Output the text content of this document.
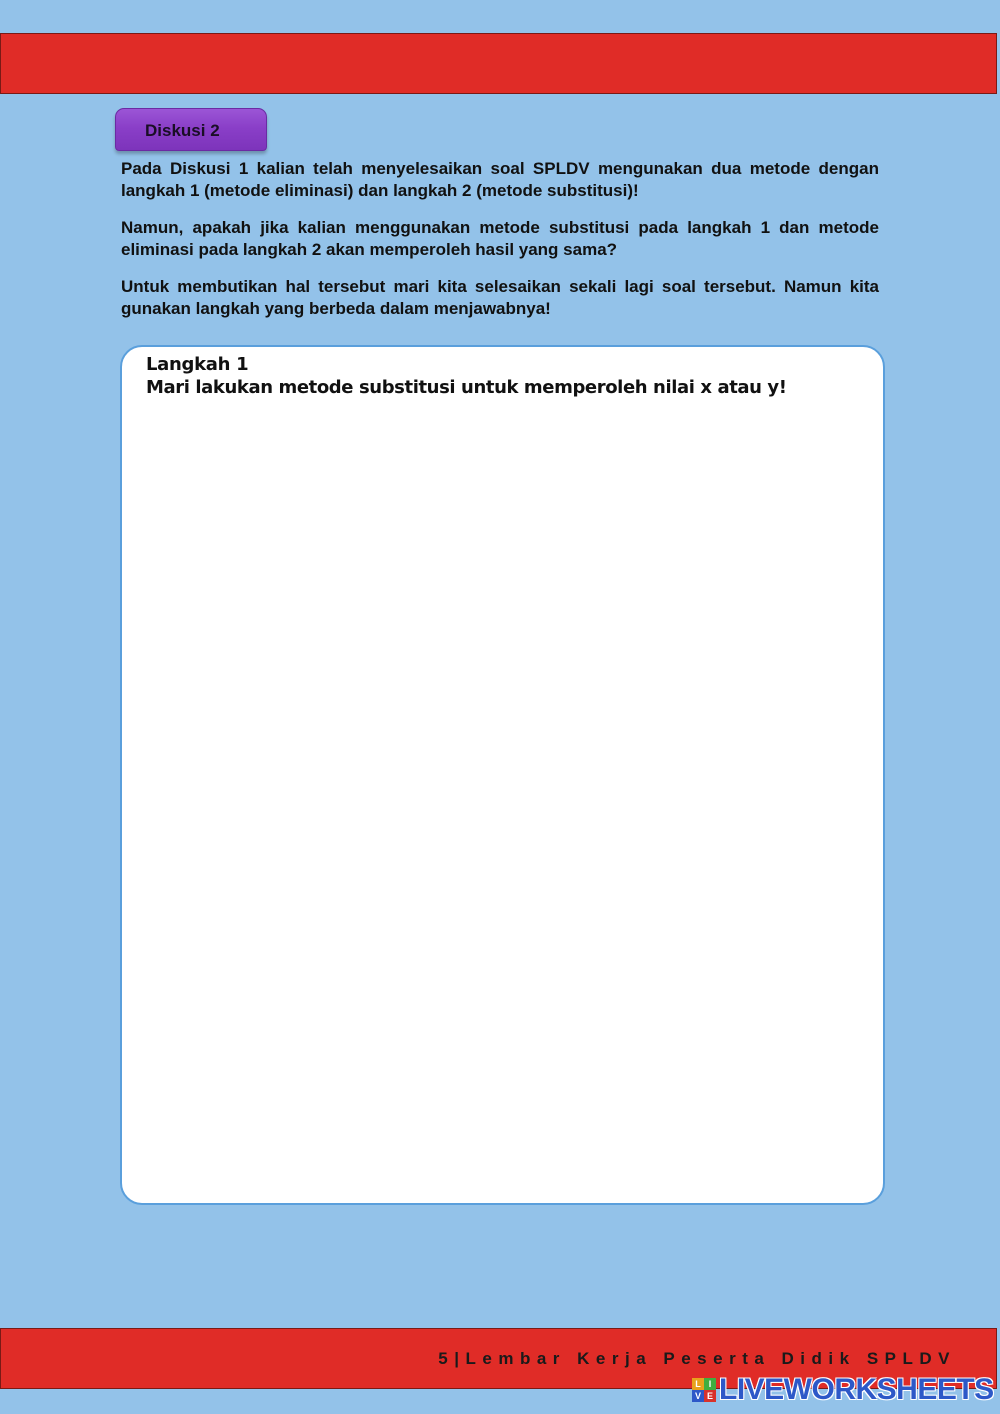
Diskusi 2

Pada Diskusi 1 kalian telah menyelesaikan soal SPLDV mengunakan dua metode dengan langkah 1 (metode eliminasi) dan langkah 2 (metode substitusi)!

Namun, apakah jika kalian menggunakan metode substitusi pada langkah 1 dan metode eliminasi pada langkah 2 akan memperoleh hasil yang sama?

Untuk membutikan hal tersebut mari kita selesaikan sekali lagi soal tersebut. Namun kita gunakan langkah yang berbeda dalam menjawabnya!

Langkah 1
Mari lakukan metode substitusi untuk memperoleh nilai x atau y!
5|Lembar Kerja Peserta Didik SPLDV
L I
V E LIVEWORKSHEETS
